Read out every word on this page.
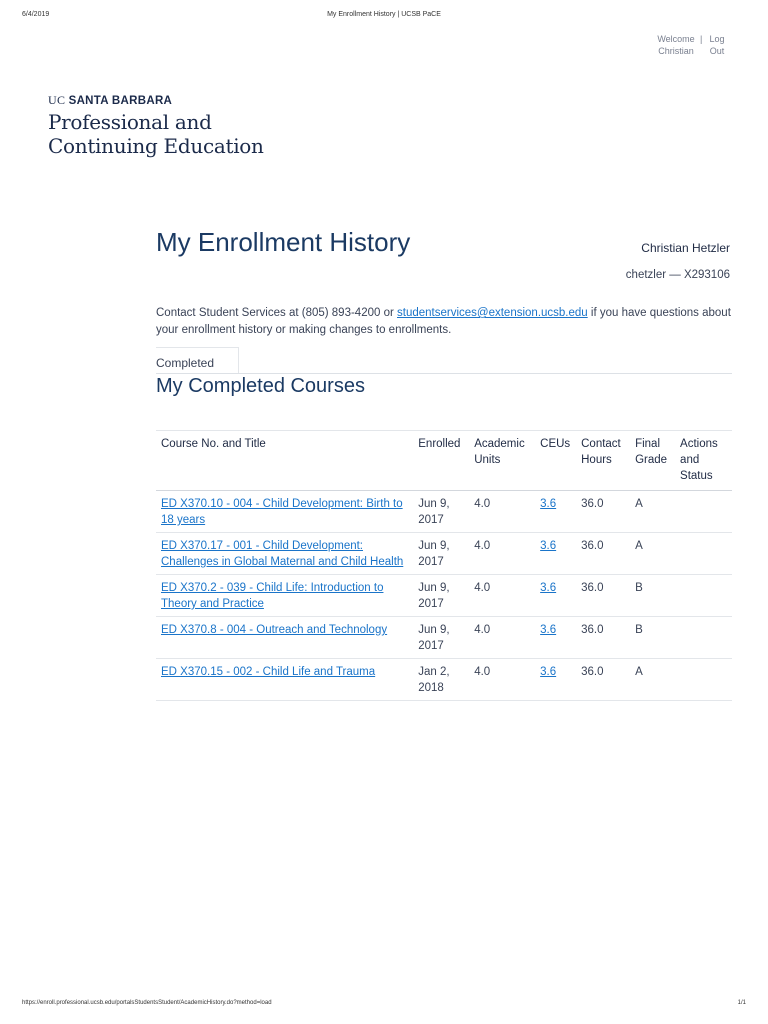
6/4/2019	My Enrollment History | UCSB PaCE
Welcome
Christian| Log
Out
UC SANTA BARBARA
Professional and
Continuing Education
My Enrollment History	Christian Hetzler
chetzler — X293106

Contact Student Services at (805) 893-4200 or studentservices@extension.ucsb.edu if you have questions about your enrollment history or making changes to enrollments.

Completed
My Completed Courses
Course No. and Title	Enrolled	Academic Units	CEUs	Contact Hours	Final Grade	Actions and Status
ED X370.10 - 004 - Child Development: Birth to 18 years	Jun 9, 2017	4.0	3.6	36.0	A	
ED X370.17 - 001 - Child Development: Challenges in Global Maternal and Child Health	Jun 9, 2017	4.0	3.6	36.0	A	
ED X370.2 - 039 - Child Life: Introduction to Theory and Practice	Jun 9, 2017	4.0	3.6	36.0	B	
ED X370.8 - 004 - Outreach and Technology	Jun 9, 2017	4.0	3.6	36.0	B	
ED X370.15 - 002 - Child Life and Trauma	Jan 2, 2018	4.0	3.6	36.0	A	
https://enroll.professional.ucsb.edu/portalsStudentsStudent/AcademicHistory.do?method=load	1/1
